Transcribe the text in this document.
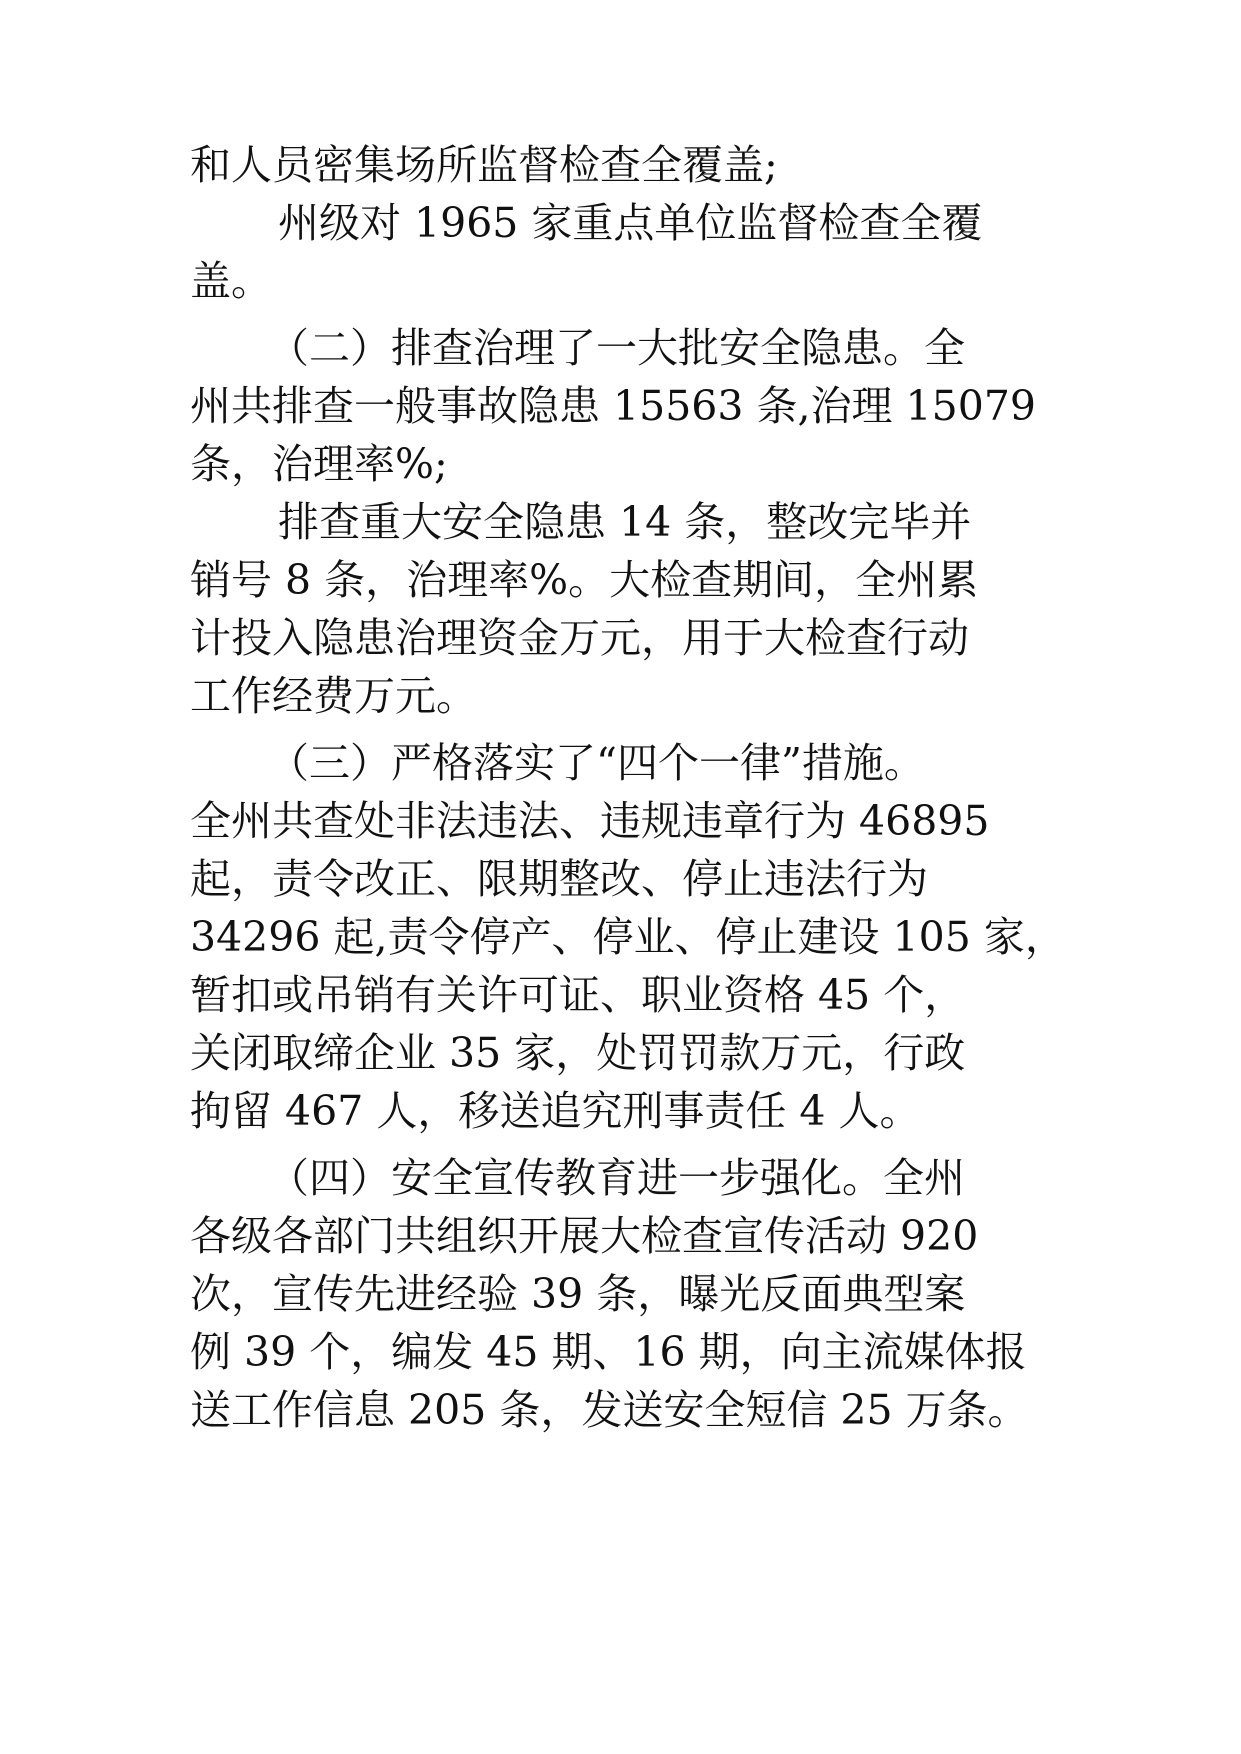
和人员密集场所监督检查全覆盖;
州级对 1965 家重点单位监督检查全覆
盖。
（二）排查治理了一大批安全隐患。全
州共排查一般事故隐患 15563 条,治理 15079
条，治理率%;
排查重大安全隐患 14 条，整改完毕并
销号 8 条，治理率%。大检查期间，全州累
计投入隐患治理资金万元，用于大检查行动
工作经费万元。
（三）严格落实了“四个一律”措施。
全州共查处非法违法、违规违章行为 46895
起，责令改正、限期整改、停止违法行为
34296 起,责令停产、停业、停止建设 105 家，
暂扣或吊销有关许可证、职业资格 45 个，
关闭取缔企业 35 家，处罚罚款万元，行政
拘留 467 人，移送追究刑事责任 4 人。
（四）安全宣传教育进一步强化。全州
各级各部门共组织开展大检查宣传活动 920
次，宣传先进经验 39 条，曝光反面典型案
例 39 个，编发 45 期、16 期，向主流媒体报
送工作信息 205 条，发送安全短信 25 万条。
